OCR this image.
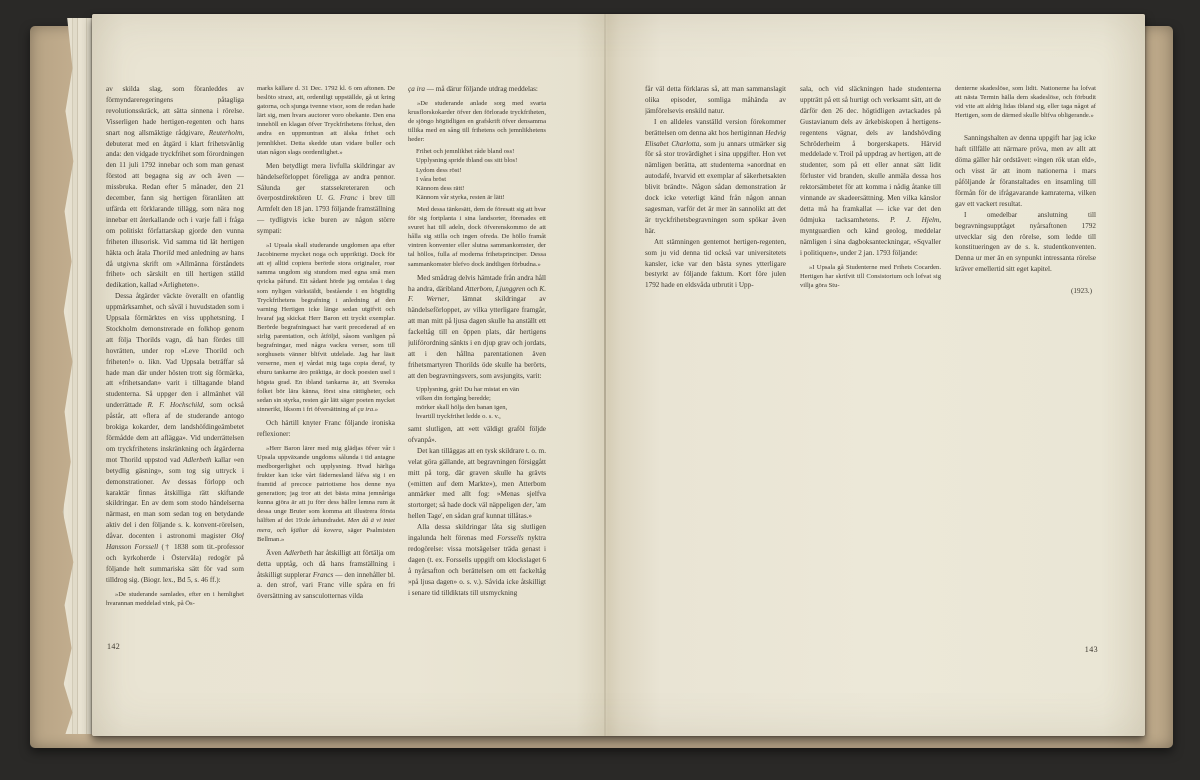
av skilda slag, som föranleddes av förmyndareregeringens påtagliga revolutionsskräck, att sätta sinnena i rörelse. Visserligen hade hertigen-regenten och hans snart nog allsmäktige rådgivare, Reuterholm, debuterat med en åtgärd i klart frihetsvänlig anda: den vidgade tryckfrihet som förordningen den 11 juli 1792 innebar och som man genast förstod att begagna sig av och även — missbruka. Redan efter 5 månader, den 21 december, fann sig hertigen föranlåten att utfärda ett förklarande tillägg, som nära nog innebar ett återkallande och i varje fall i fråga om politiskt författarskap gjorde den vunna friheten illusorisk. Vid samma tid lät hertigen häkta och åtala Thorild med anledning av hans då utgivna skrift om »Allmänna förståndets frihet» och särskilt en till hertigen ställd dedikation, kallad »Ärligheten».

Dessa åtgärder väckte överallt en ofantlig uppmärksamhet, och såväl i huvudstaden som i Uppsala förmärktes en viss upphetsning. I Stockholm demonstrerade en folkhop genom att följa Thorilds vagn, då han fördes till hovrätten, under rop »Leve Thorild och friheten!» o. likn. Vad Uppsala beträffar så hade man där under hösten trott sig förmärka, att »frihetsandan» varit i tilltagande bland studenterna. Så uppger den i allmänhet väl underrättade R. F. Hochschild, som också påstår, att »flera af de studerande antogo brokiga kokarder, dem landshöfdingeämbetet förmådde dem att aflägga». Vid underrättelsen om tryckfrihetens inskränkning och åtgärderna mot Thorild uppstod vad Adlerbeth kallar »en betydlig gäsning», som tog sig uttryck i demonstrationer. Av dessas förlopp och karaktär finnas åtskilliga rätt skiftande skildringar. En av dem som stodo händelserna närmast, en man som sedan tog en betydande aktiv del i den följande s. k. konvent-rörelsen, dåvar. docenten i astronomi magister Olof Hansson Forssell († 1838 som tit.-professor och kyrkoherde i Österväla) redogör på följande helt summariska sätt för vad som tilldrog sig. (Biogr. lex., Bd 5, s. 46 ff.):

»De studerande samlades, efter en i hemlighet hvarannan meddelad vink, på Ös-

marks källare d. 31 Dec. 1792 kl. 6 om aftonen. De beslöto straxt, att, ordentligt uppställde, gå ut kring gatorna, och sjunga tvenne visor, som de redan hade lärt sig, men hvars auctorer voro obekante. Den ena innehöll en klagan öfver Tryckfrihetens förlust, den andra en uppmuntran att älska frihet och jemnlikhet. Detta skedde utan vidare buller och utan någon slags oordentlighet.»

Men betydligt mera livfulla skildringar av händelseförloppet föreligga av andra pennor. Sålunda ger statssekreteraren och överpostdirektören U. G. Franc i brev till Armfelt den 18 jan. 1793 följande framställning — tydligtvis icke buren av någon större sympati:

»I Upsala skall studerande ungdomen apa efter Jacobinerne mycket noga och uppriktigt. Dock för att ej alltid copiera berörde stora originaler, roar samma ungdom sig stundom med egna små men qvicka påfund. Ett sådant hörde jag omtalas i dag som nyligen värkstäldt, bestående i en högtidlig Tryckfrihetens begrafning i anledning af den varning Hertigen icke länge sedan utgifvit och hvaraf jag skickat Herr Baron ett tryckt exemplar. Berörde begrafningsact har varit precederad af en sirlig parentation, och åtföljd, såsom vanligen på begrafningar, med några vackra verser, som till sorghusets vänner blifvit utdelade. Jag har läsit verserne, men ej vårdat mig taga copia deraf, ty ehuru tankarne äro präktiga, är dock poesien usel i högsta grad. En ibland tankarna är, att Svenska folket bör lära känna, först sina rättigheter, och sedan sin styrka, resten går lätt säger poeten mycket sinnerikt, liksom i fri öfversättning af ça ira.»

Och härtill knyter Franc följande ironiska reflexioner:

»Herr Baron lärer med mig glädjas öfver vår i Upsala uppväxande ungdoms sålunda i tid antagne medborgerlighet och upplysning. Hvad härliga frukter kan icke vårt fädernesland låfva sig i en framtid af precoce patriotisme hos denne nya generation; jag tror att det bästa mina jemnåriga kunna gjöra är att ju förr dess hällre lemna rum åt dessa unge Bruter som komma att illustrera första hälften af det 19:de århundradet. Men då ä vi intet mera, och kjältar då kovera, säger Psalmisten Bellman.»

Även Adlerbeth har åtskilligt att förtälja om detta upptåg, och då hans framställning i åtskilligt supplerar Francs — den innehåller bl. a. den strof, vari Franc ville spåra en fri översättning av sansculotternas vilda

ça ira — må därur följande utdrag meddelas:

»De studerande anlade sorg med svarta krusflorskokarder öfver den förlorade tryckfriheten, de sjöngo högtidligen en grafskrift öfver densamma tillika med en sång till frihetens och jemnlikhetens heder:

Frihet och jemnlikhet råde bland oss!
Upplysning spride ibland oss sitt blos!
Lydom dess röst!
I våra bröst
Kännom dess rätt!
Kännom vår styrka, resten är lätt!

Med dessa tänkesätt, dem de föresatt sig att hvar för sig fortplanta i sina landsorter, förenades ett svuret hat till adeln, dock öfverenskommo de att hålla sig stilla och ingen ofreda. De höllo framåt vintren konventer eller slutna sammankomster, der tal höllos, fulla af moderna frihetsprinciper. Dessa sammankomster blefvo dock ändtligen förbudna.»

Med smådrag delvis hämtade från andra håll ha andra, däribland Atterbom, Ljunggren och K. F. Werner, lämnat skildringar av händelseförloppet, av vilka ytterligare framgår, att man mitt på ljusa dagen skulle ha anställt ett fackeltåg till en öppen plats, där hertigens juliförordning sänkts i en djup grav och jordats, att i den hållna parentationen även frihetsmartyren Thorilds öde skulle ha berörts, att den begravningsvers, som avsjungits, varit:

Upplysning, gråt! Du har mistat en vän
vilken din fortgång beredde;
mörker skall hölja den banan igen,
hvartill tryckfrihet ledde o. s. v.,

samt slutligen, att »ett väldigt graföl följde ofvanpå».

Det kan tilläggas att en tysk skildrare t. o. m. velat göra gällande, att begravningen försiggått mitt på torg, där graven skulle ha grävts (»mitten auf dem Markte»), men Atterbom anmärker med allt fog: »Menas sjelfva stortorget; så hade dock väl näppeligen der, 'am hellen Tage', en sådan graf kunnat tillåtas.»

Alla dessa skildringar låta sig slutligen ingalunda helt förenas med Forssells nyktra redogörelse: vissa motsägelser träda genast i dagen (t. ex. Forssells uppgift om klockslaget 6 å nyårsafton och berättelsen om ett fackeltåg »på ljusa dagen» o. s. v.). Såvida icke åtskilligt i senare tid tilldiktats till utsmyckning

142

får väl detta förklaras så, att man sammanslagit olika episoder, somliga måhända av jämförelsevis enskild natur.

I en alldeles vanställd version förekommer berättelsen om denna akt hos hertiginnan Hedvig Elisabet Charlotta, som ju annars utmärker sig för så stor trovärdighet i sina uppgifter. Hon vet nämligen berätta, att studenterna »anordnat en autodafé, hvarvid ett exemplar af säkerhetsakten blivit brändt». Någon sådan demonstration är dock icke veterligt känd från någon annan sagesman, varför det är mer än sannolikt att det är tryckfrihetsbegravningen som spökar även här.

Att stämningen gentemot hertigen-regenten, som ju vid denna tid också var universitetets kansler, icke var den bästa synes ytterligare bestyrkt av följande faktum. Kort före julen 1792 hade en eldsvåda utbrutit i Upp-

sala, och vid släckningen hade studenterna uppträtt på ett så hurtigt och verksamt sätt, att de därför den 26 dec. högtidligen avtackades på Gustavianum dels av ärkebiskopen å hertigens-regentens vägnar, dels av landshövding Schröderheim å borgerskapets. Härvid meddelade v. Troil på uppdrag av hertigen, att de studenter, som på ett eller annat sätt lidit förluster vid branden, skulle anmäla dessa hos rektorsämbetet för att komma i nådig åtanke till vinnande av skadeersättning. Men vilka känslor detta må ha framkallat — icke var det den ödmjuka tacksamhetens. P. J. Hjelm, myntguardien och känd geolog, meddelar nämligen i sina dagboksanteckningar, »Sqvaller i politiquen», under 2 jan. 1793 följande:

»I Upsala gå Studenterne med Frihets Cocarden. Hertigen har skrifvit till Consistorium och lofvat sig villja göra Stu-

denterne skadeslöse, som lidit. Nationerne ha lofvat att nästa Termin hälla dem skadeslöse, och förbudit vid vite att aldrig lidas ibland sig, eller taga något af Hertigen, som de därmed skulle blifva obligerande.»

Sanningshalten av denna uppgift har jag icke haft tillfälle att närmare pröva, men av allt att döma gäller här ordstävet: »ingen rök utan eld», och visst är att inom nationerna i mars påföljande år föranstaltades en insamling till förmån för de ifrågavarande kamraterna, vilken gav ett vackert resultat.

I omedelbar anslutning till begravningsupptåget nyårsaftonen 1792 utvecklar sig den rörelse, som ledde till konstitueringen av de s. k. studentkonventen. Denna ur mer än en synpunkt intressanta rörelse kräver emellertid sitt eget kapitel.

(1923.)

143
